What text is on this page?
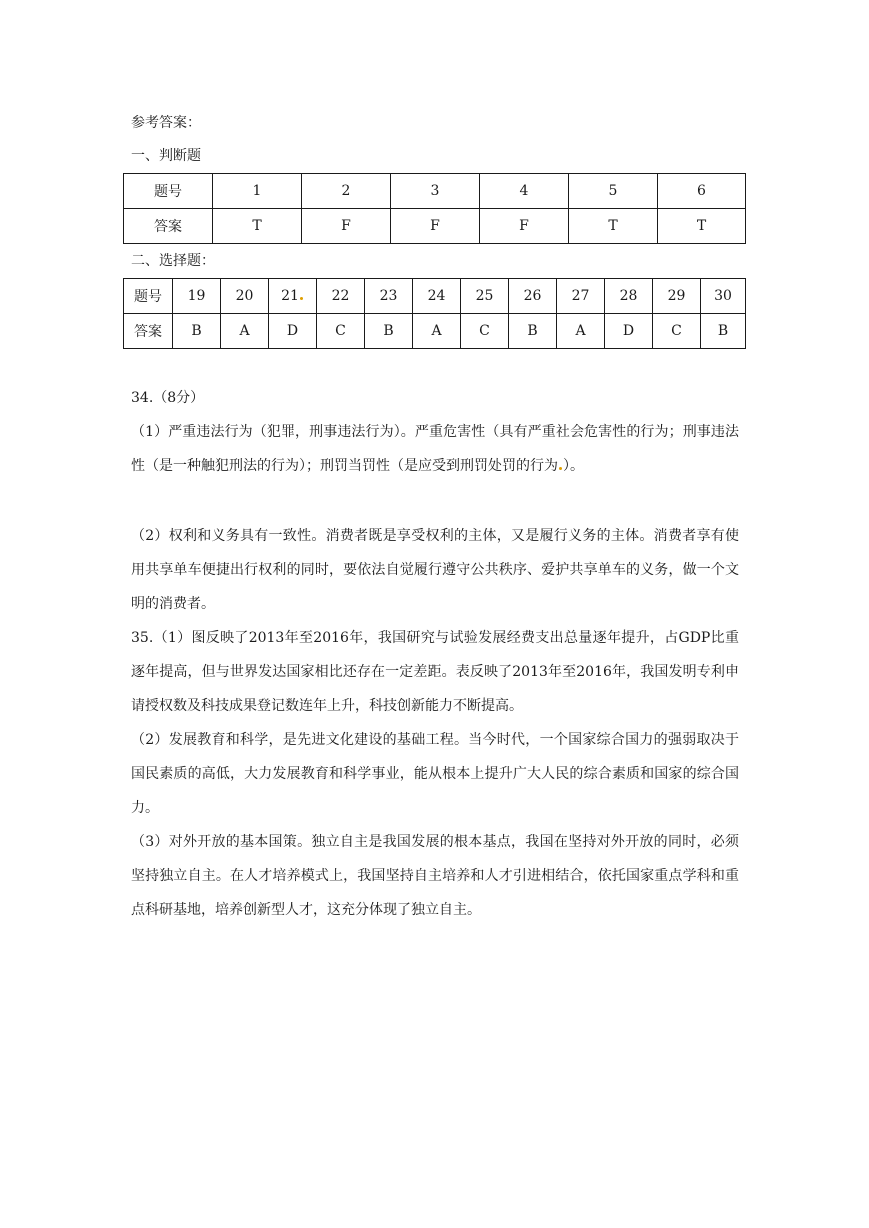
参考答案：
一、判断题
题号	1	2	3	4	5	6
答案	T	F	F	F	T	T
二、选择题：
题号	19	20	21	22	23	24	25	26	27	28	29	30
答案	B	A	D	C	B	A	C	B	A	D	C	B
34.（8分）

（1）严重违法行为（犯罪，刑事违法行为）。严重危害性（具有严重社会危害性的行为；刑事违法性（是一种触犯刑法的行为）；刑罚当罚性（是应受到刑罚处罚的行为 ）。

（2）权利和义务具有一致性。消费者既是享受权利的主体，又是履行义务的主体。消费者享有使用共享单车便捷出行权利的同时，要依法自觉履行遵守公共秩序、爱护共享单车的义务，做一个文明的消费者。

35.（1）图反映了2013年至2016年，我国研究与试验发展经费支出总量逐年提升，占GDP比重逐年提高，但与世界发达国家相比还存在一定差距。表反映了2013年至2016年，我国发明专利申请授权数及科技成果登记数连年上升，科技创新能力不断提高。

（2）发展教育和科学，是先进文化建设的基础工程。当今时代，一个国家综合国力的强弱取决于国民素质的高低，大力发展教育和科学事业，能从根本上提升广大人民的综合素质和国家的综合国力。

（3）对外开放的基本国策。独立自主是我国发展的根本基点，我国在坚持对外开放的同时，必须坚持独立自主。在人才培养模式上，我国坚持自主培养和人才引进相结合，依托国家重点学科和重点科研基地，培养创新型人才，这充分体现了独立自主。
